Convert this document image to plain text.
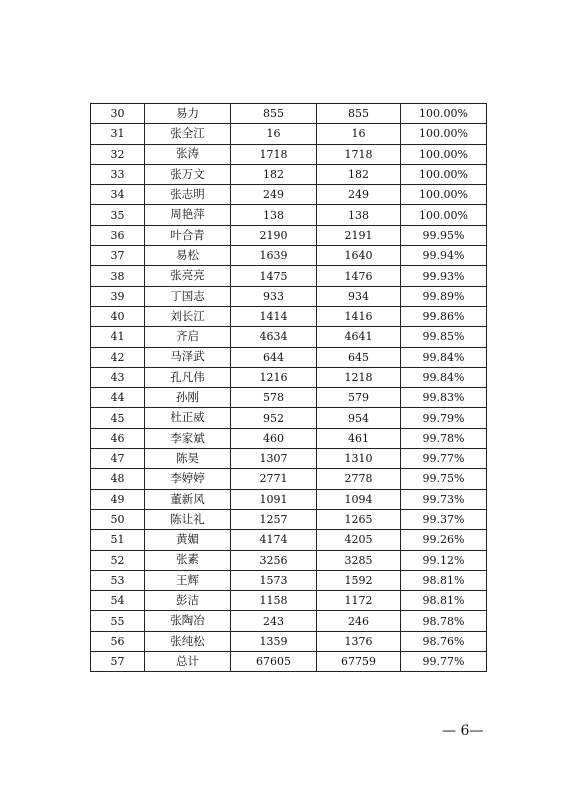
30	易力	855	855	100.00%
31	张全江	16	16	100.00%
32	张涛	1718	1718	100.00%
33	张万文	182	182	100.00%
34	张志明	249	249	100.00%
35	周艳萍	138	138	100.00%
36	叶合青	2190	2191	99.95%
37	易松	1639	1640	99.94%
38	张亮亮	1475	1476	99.93%
39	丁国志	933	934	99.89%
40	刘长江	1414	1416	99.86%
41	齐启	4634	4641	99.85%
42	马泽武	644	645	99.84%
43	孔凡伟	1216	1218	99.84%
44	孙刚	578	579	99.83%
45	杜正威	952	954	99.79%
46	李家斌	460	461	99.78%
47	陈昊	1307	1310	99.77%
48	李婷婷	2771	2778	99.75%
49	董新风	1091	1094	99.73%
50	陈让礼	1257	1265	99.37%
51	黄媚	4174	4205	99.26%
52	张素	3256	3285	99.12%
53	王辉	1573	1592	98.81%
54	彭洁	1158	1172	98.81%
55	张陶冶	243	246	98.78%
56	张纯松	1359	1376	98.76%
57	总计	67605	67759	99.77%
— 6—
